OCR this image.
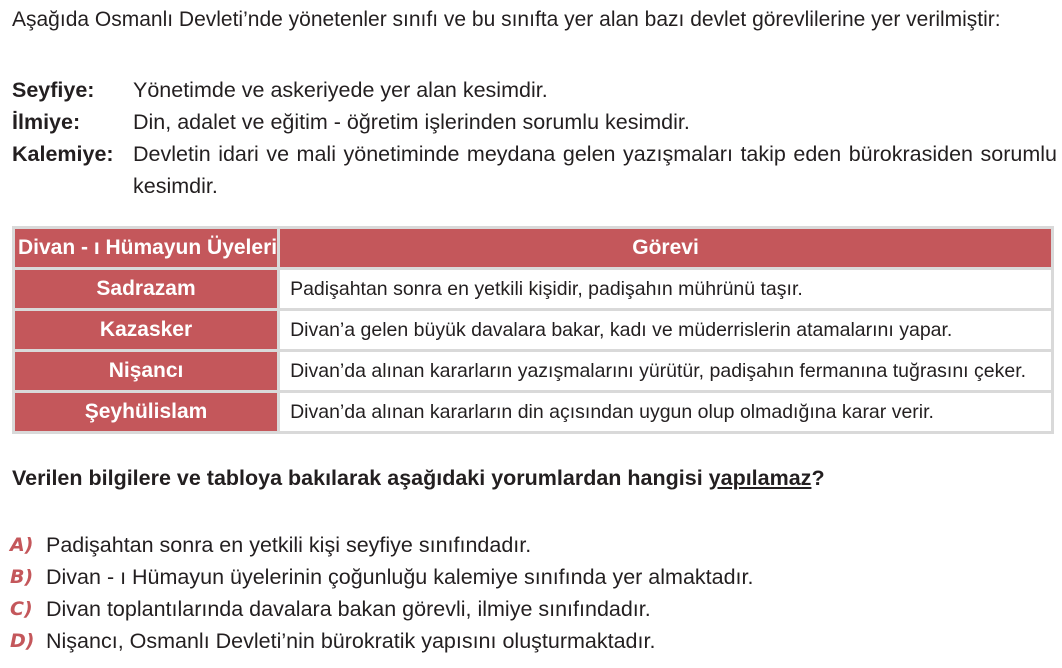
Aşağıda Osmanlı Devleti’nde yönetenler sınıfı ve bu sınıfta yer alan bazı devlet görevlilerine yer verilmiştir:
Seyfiye:	Yönetimde ve askeriyede yer alan kesimdir.
İlmiye:	Din, adalet ve eğitim - öğretim işlerinden sorumlu kesimdir.
Kalemiye: Devletin idari ve mali yönetiminde meydana gelen yazışmaları takip eden bürokrasiden sorumlu kesimdir.
Divan - ı Hümayun Üyeleri	Görevi
Sadrazam	Padişahtan sonra en yetkili kişidir, padişahın mührünü taşır.
Kazasker	Divan’a gelen büyük davalara bakar, kadı ve müderrislerin atamalarını yapar.
Nişancı	Divan’da alınan kararların yazışmalarını yürütür, padişahın fermanına tuğrasını çeker.
Şeyhülislam	Divan’da alınan kararların din açısından uygun olup olmadığına karar verir.
Verilen bilgilere ve tabloya bakılarak aşağıdaki yorumlardan hangisi yapılamaz?
A) Padişahtan sonra en yetkili kişi seyfiye sınıfındadır.
B) Divan - ı Hümayun üyelerinin çoğunluğu kalemiye sınıfında yer almaktadır.
C) Divan toplantılarında davalara bakan görevli, ilmiye sınıfındadır.
D) Nişancı, Osmanlı Devleti’nin bürokratik yapısını oluşturmaktadır.
